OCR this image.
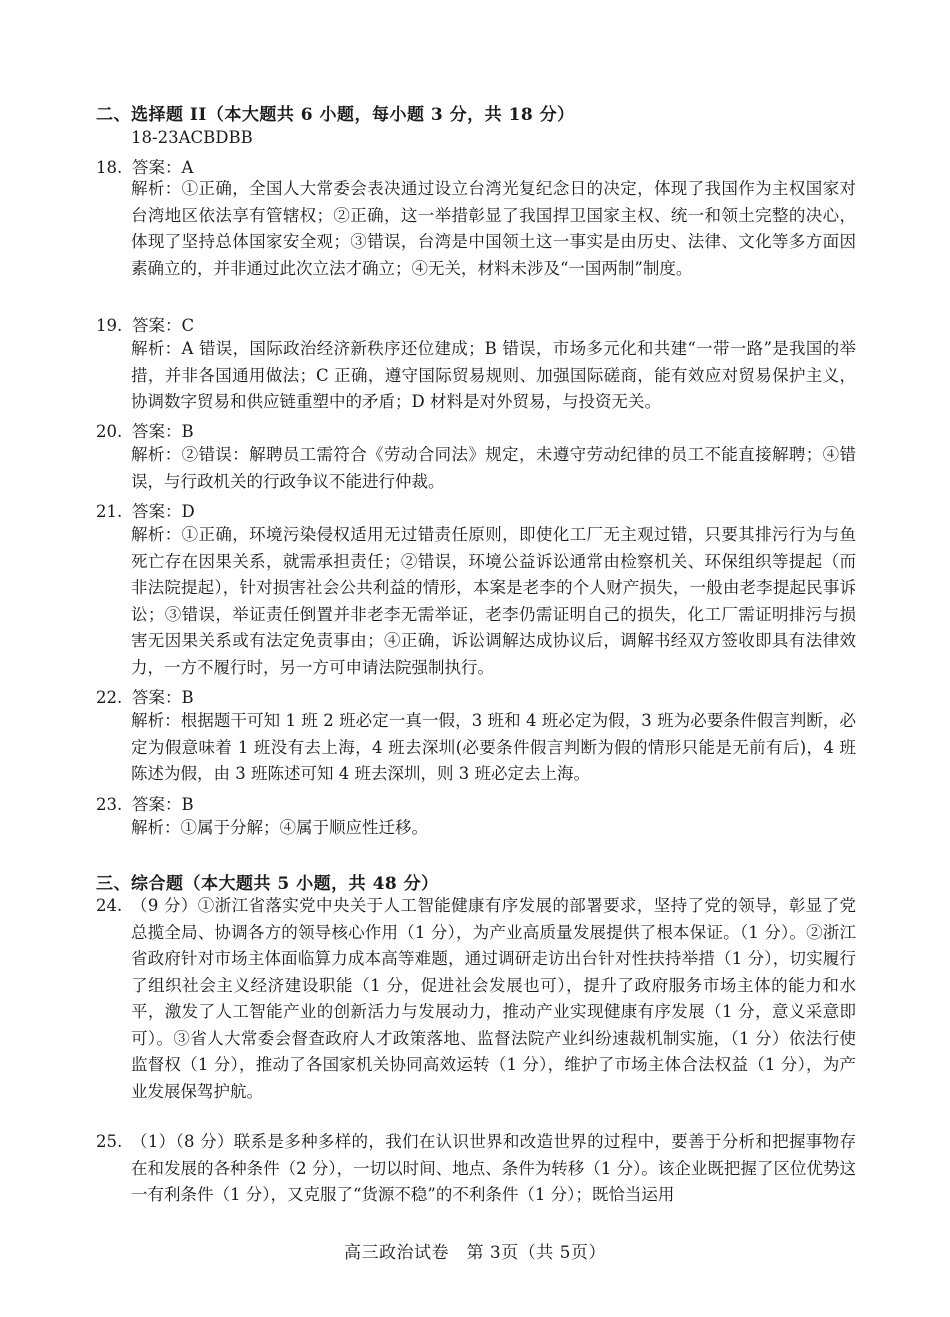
二、选择题 II（本大题共 6 小题，每小题 3 分，共 18 分）
18-23ACBDBB
18. 答案：A
解析：①正确，全国人大常委会表决通过设立台湾光复纪念日的决定，体现了我国作为主权国家对台湾地区依法享有管辖权；②正确，这一举措彰显了我国捍卫国家主权、统一和领土完整的决心，体现了坚持总体国家安全观；③错误，台湾是中国领土这一事实是由历史、法律、文化等多方面因素确立的，并非通过此次立法才确立；④无关，材料未涉及“一国两制”制度。
19. 答案：C
解析：A 错误，国际政治经济新秩序还位建成；B 错误，市场多元化和共建“一带一路”是我国的举措，并非各国通用做法；C 正确，遵守国际贸易规则、加强国际磋商，能有效应对贸易保护主义，协调数字贸易和供应链重塑中的矛盾；D 材料是对外贸易，与投资无关。
20. 答案：B
解析：②错误：解聘员工需符合《劳动合同法》规定，未遵守劳动纪律的员工不能直接解聘；④错误，与行政机关的行政争议不能进行仲裁。
21. 答案：D
解析：①正确，环境污染侵权适用无过错责任原则，即使化工厂无主观过错，只要其排污行为与鱼死亡存在因果关系，就需承担责任；②错误，环境公益诉讼通常由检察机关、环保组织等提起（而非法院提起），针对损害社会公共利益的情形，本案是老李的个人财产损失，一般由老李提起民事诉讼；③错误，举证责任倒置并非老李无需举证，老李仍需证明自己的损失，化工厂需证明排污与损害无因果关系或有法定免责事由；④正确，诉讼调解达成协议后，调解书经双方签收即具有法律效力，一方不履行时，另一方可申请法院强制执行。
22. 答案：B
解析：根据题干可知 1 班 2 班必定一真一假，3 班和 4 班必定为假，3 班为必要条件假言判断，必定为假意味着 1 班没有去上海，4 班去深圳(必要条件假言判断为假的情形只能是无前有后)，4 班陈述为假，由 3 班陈述可知 4 班去深圳，则 3 班必定去上海。
23. 答案：B
解析：①属于分解；④属于顺应性迁移。
三、综合题（本大题共 5 小题，共 48 分）
24. （9 分）①浙江省落实党中央关于人工智能健康有序发展的部署要求，坚持了党的领导，彰显了党总揽全局、协调各方的领导核心作用（1 分），为产业高质量发展提供了根本保证。（1 分）。②浙江省政府针对市场主体面临算力成本高等难题，通过调研走访出台针对性扶持举措（1 分），切实履行了组织社会主义经济建设职能（1 分，促进社会发展也可），提升了政府服务市场主体的能力和水平，激发了人工智能产业的创新活力与发展动力，推动产业实现健康有序发展（1 分，意义采意即可）。③省人大常委会督查政府人才政策落地、监督法院产业纠纷速裁机制实施，（1 分）依法行使监督权（1 分），推动了各国家机关协同高效运转（1 分），维护了市场主体合法权益（1 分），为产业发展保驾护航。
25. （1）（8 分）联系是多种多样的，我们在认识世界和改造世界的过程中，要善于分析和把握事物存在和发展的各种条件（2 分），一切以时间、地点、条件为转移（1 分）。该企业既把握了区位优势这一有利条件（1 分），又克服了“货源不稳”的不利条件（1 分）；既恰当运用
高三政治试卷　第 3页（共 5页）
